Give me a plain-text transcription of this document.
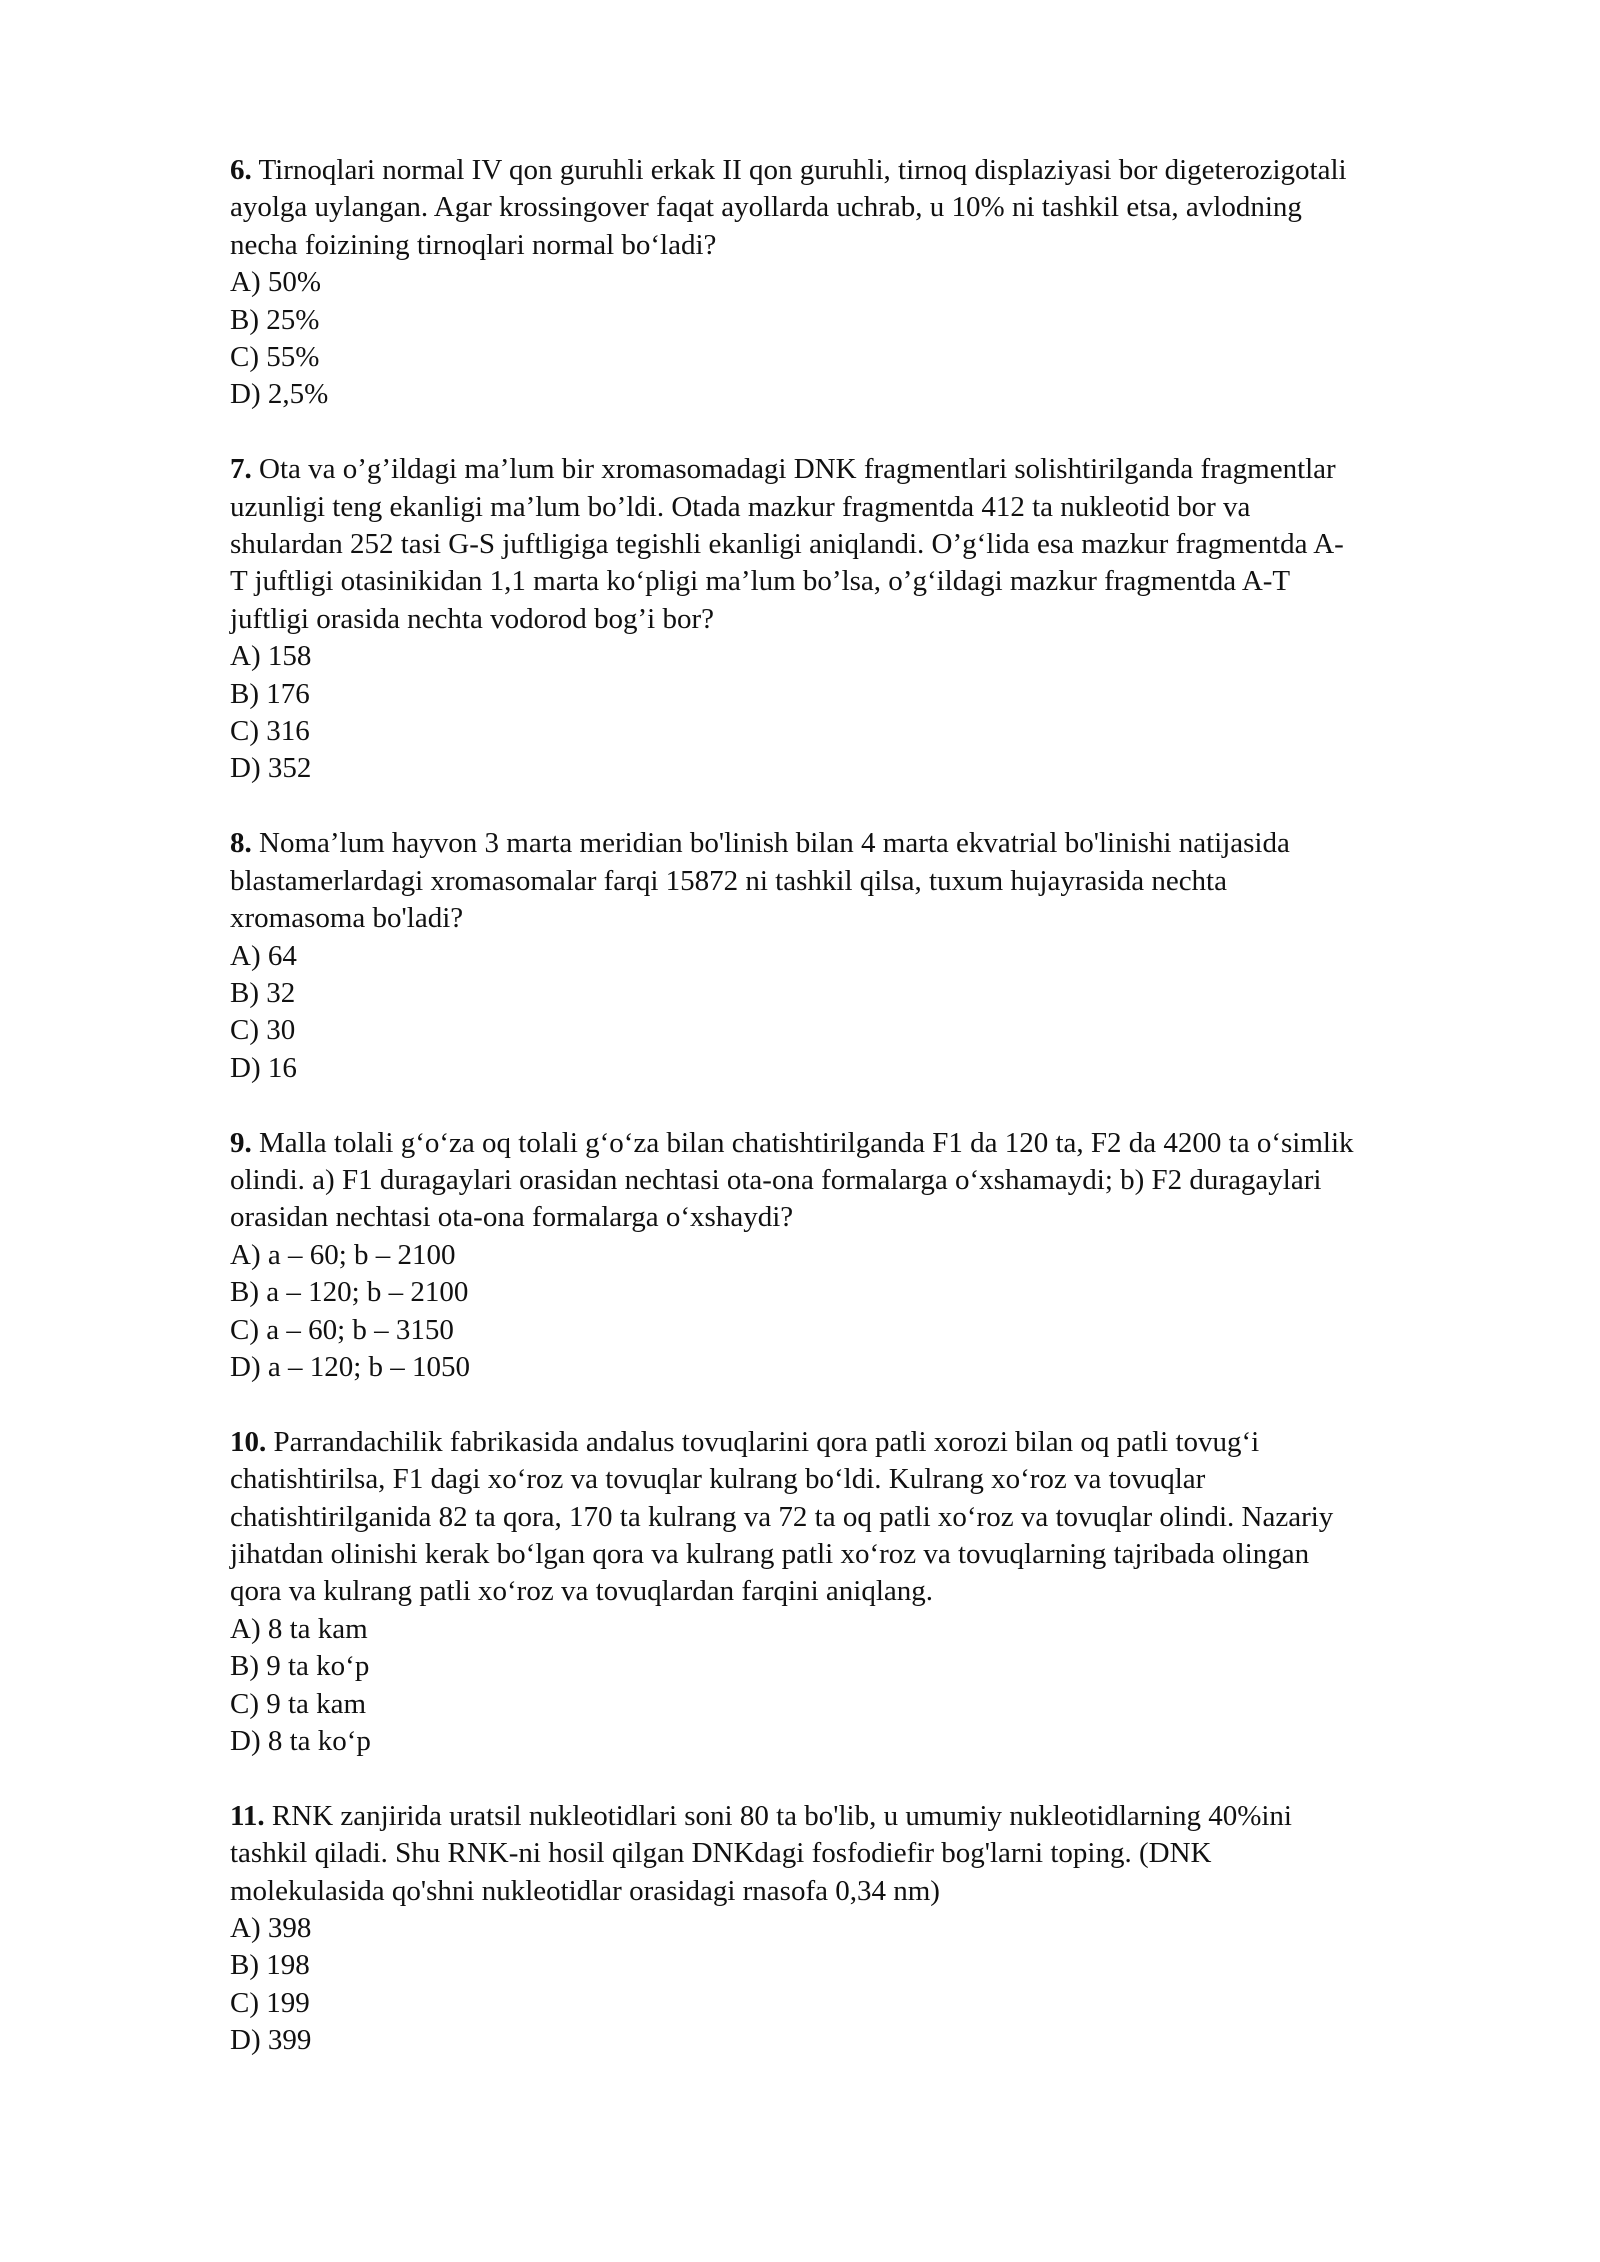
6. Tirnoqlari normal IV qon guruhli erkak II qon guruhli, tirnoq displaziyasi bor digeterozigotali
ayolga uylangan. Agar krossingover faqat ayollarda uchrab, u 10% ni tashkil etsa, avlodning
necha foizining tirnoqlari normal bo‘ladi?
A) 50%
B) 25%
C) 55%
D) 2,5%
7. Ota va o’g’ildagi ma’lum bir xromasomadagi DNK fragmentlari solishtirilganda fragmentlar
uzunligi teng ekanligi ma’lum bo’ldi. Otada mazkur fragmentda 412 ta nukleotid bor va
shulardan 252 tasi G-S juftligiga tegishli ekanligi aniqlandi. O’g‘lida esa mazkur fragmentda A-
T juftligi otasinikidan 1,1 marta ko‘pligi ma’lum bo’lsa, o’g‘ildagi mazkur fragmentda A-T
juftligi orasida nechta vodorod bog’i bor?
A) 158
B) 176
C) 316
D) 352
8. Noma’lum hayvon 3 marta meridian bo'linish bilan 4 marta ekvatrial bo'linishi natijasida
blastamerlardagi xromasomalar farqi 15872 ni tashkil qilsa, tuxum hujayrasida nechta
xromasoma bo'ladi?
A) 64
B) 32
C) 30
D) 16
9. Malla tolali g‘o‘za oq tolali g‘o‘za bilan chatishtirilganda F1 da 120 ta, F2 da 4200 ta o‘simlik
olindi. a) F1 duragaylari orasidan nechtasi ota-ona formalarga o‘xshamaydi; b) F2 duragaylari
orasidan nechtasi ota-ona formalarga o‘xshaydi?
A) a – 60; b – 2100
B) a – 120; b – 2100
C) a – 60; b – 3150
D) a – 120; b – 1050
10. Parrandachilik fabrikasida andalus tovuqlarini qora patli xorozi bilan oq patli tovug‘i
chatishtirilsa, F1 dagi xo‘roz va tovuqlar kulrang bo‘ldi. Kulrang xo‘roz va tovuqlar
chatishtirilganida 82 ta qora, 170 ta kulrang va 72 ta oq patli xo‘roz va tovuqlar olindi. Nazariy
jihatdan olinishi kerak bo‘lgan qora va kulrang patli xo‘roz va tovuqlarning tajribada olingan
qora va kulrang patli xo‘roz va tovuqlardan farqini aniqlang.
A) 8 ta kam
B) 9 ta ko‘p
C) 9 ta kam
D) 8 ta ko‘p
11. RNK zanjirida uratsil nukleotidlari soni 80 ta bo'lib, u umumiy nukleotidlarning 40%ini
tashkil qiladi. Shu RNK-ni hosil qilgan DNKdagi fosfodiefir bog'larni toping. (DNK
molekulasida qo'shni nukleotidlar orasidagi rnasofa 0,34 nm)
A) 398
B) 198
C) 199
D) 399
